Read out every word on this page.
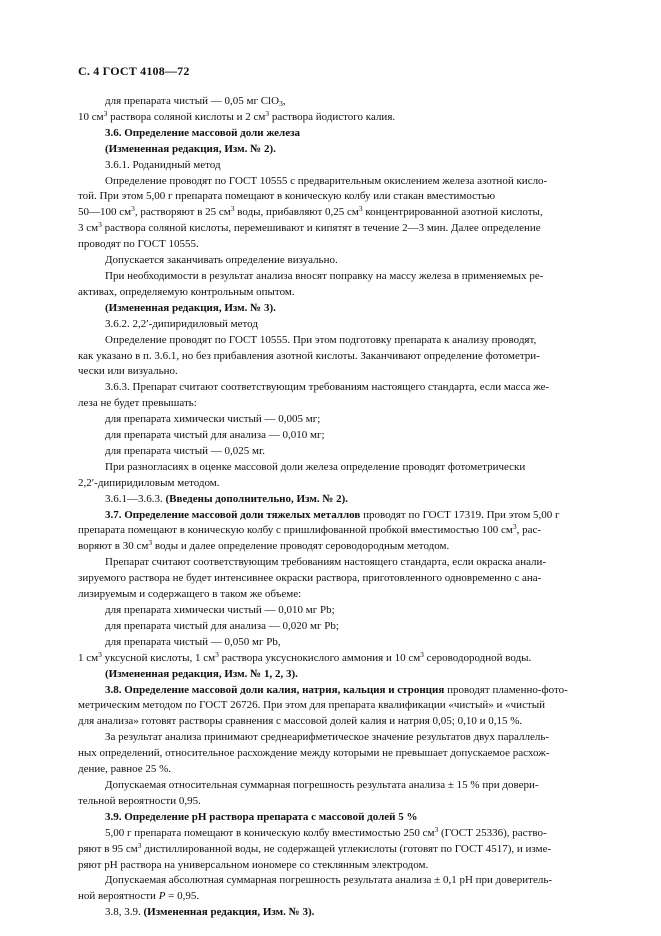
С. 4 ГОСТ 4108—72

для препарата чистый — 0,05 мг ClO$_3$,

10 $см^3$ раствора соляной кислоты и 2 $см^3$ раствора йодистого калия.

3.6. Определение массовой доли железа

(Измененная редакция, Изм. № 2).

3.6.1. Роданидный метод

Определение проводят по ГОСТ 10555 с предварительным окислением железа азотной кисло-

той. При этом 5,00 г препарата помещают в коническую колбу или стакан вместимостью

50—100 $см^3$, растворяют в 25 $см^3$ воды, прибавляют 0,25 $см^3$ концентрированной азотной кислоты,

3 $см^3$ раствора соляной кислоты, перемешивают и кипятят в течение 2—3 мин. Далее определение

проводят по ГОСТ 10555.

Допускается заканчивать определение визуально.

При необходимости в результат анализа вносят поправку на массу железа в применяемых ре-

активах, определяемую контрольным опытом.

(Измененная редакция, Изм. № 3).

3.6.2. 2,2′-дипиридиловый метод

Определение проводят по ГОСТ 10555. При этом подготовку препарата к анализу проводят,

как указано в п. 3.6.1, но без прибавления азотной кислоты. Заканчивают определение фотометри-

чески или визуально.

3.6.3. Препарат считают соответствующим требованиям настоящего стандарта, если масса же-

леза не будет превышать:

для препарата химически чистый — 0,005 мг;

для препарата чистый для анализа — 0,010 мг;

для препарата чистый — 0,025 мг.

При разногласиях в оценке массовой доли железа определение проводят фотометрически

2,2′-дипиридиловым методом.

3.6.1—3.6.3. (Введены дополнительно, Изм. № 2).

3.7. Определение массовой доли тяжелых металлов проводят по ГОСТ 17319. При этом 5,00 г

препарата помещают в коническую колбу с пришлифованной пробкой вместимостью 100 $см^3$, рас-

воряют в 30 $см^3$ воды и далее определение проводят сероводородным методом.

Препарат считают соответствующим требованиям настоящего стандарта, если окраска анали-

зируемого раствора не будет интенсивнее окраски раствора, приготовленного одновременно с ана-

лизируемым и содержащего в таком же объеме:

для препарата химически чистый — 0,010 мг Pb;

для препарата чистый для анализа — 0,020 мг Pb;

для препарата чистый — 0,050 мг Pb,

1 $см^3$ уксусной кислоты, 1 $см^3$ раствора уксуснокислого аммония и 10 $см^3$ сероводородной воды.

(Измененная редакция, Изм. № 1, 2, 3).

3.8. Определение массовой доли калия, натрия, кальция и стронция проводят пламенно-фото-

метрическим методом по ГОСТ 26726. При этом для препарата квалификации «чистый» и «чистый

для анализа» готовят растворы сравнения с массовой долей калия и натрия 0,05; 0,10 и 0,15 %.

За результат анализа принимают среднеарифметическое значение результатов двух параллель-

ных определений, относительное расхождение между которыми не превышает допускаемое расхож-

дение, равное 25 %.

Допускаемая относительная суммарная погрешность результата анализа ± 15 % при довери-

тельной вероятности 0,95.

3.9. Определение pH раствора препарата с массовой долей 5 %

5,00 г препарата помещают в коническую колбу вместимостью 250 $см^3$ (ГОСТ 25336), раство-

ряют в 95 $см^3$ дистиллированной воды, не содержащей углекислоты (готовят по ГОСТ 4517), и изме-

ряют pH раствора на универсальном иономере со стеклянным электродом.

Допускаемая абсолютная суммарная погрешность результата анализа ± 0,1 pH при доверитель-

ной вероятности P = 0,95.

3.8, 3.9. (Измененная редакция, Изм. № 3).
